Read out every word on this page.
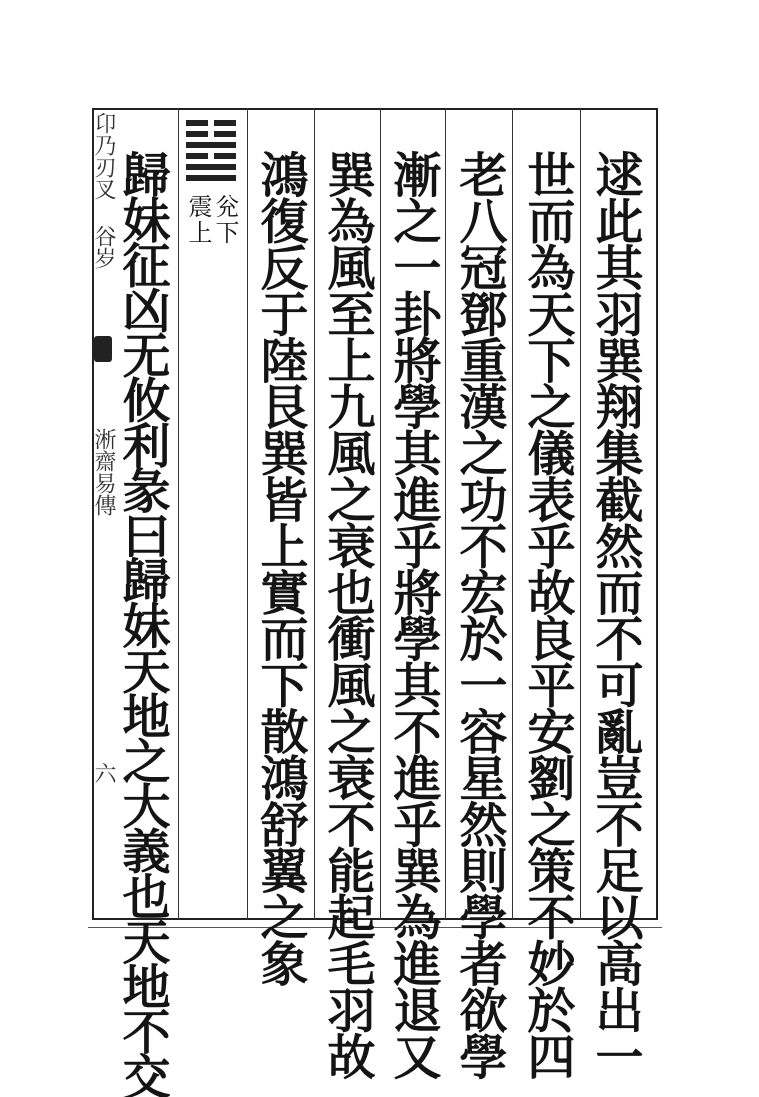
逑此其羽巽翔集截然而不可亂豈不足以高出一
世而為天下之儀表乎故良平安劉之策不妙於四
老八冠鄧重漢之功不宏於一容星然則學者欲學
漸之一卦將學其進乎將學其不進乎巽為進退又
巽為風至上九風之衰也衝風之衰不能起毛羽故
鴻復反于陸艮巽皆上實而下散鴻舒翼之象
歸妹征凶无攸利彖曰歸妹天地之大義也天地不交 兊下
震上
卬乃刃叉 谷岁
淅齋易傳
六
